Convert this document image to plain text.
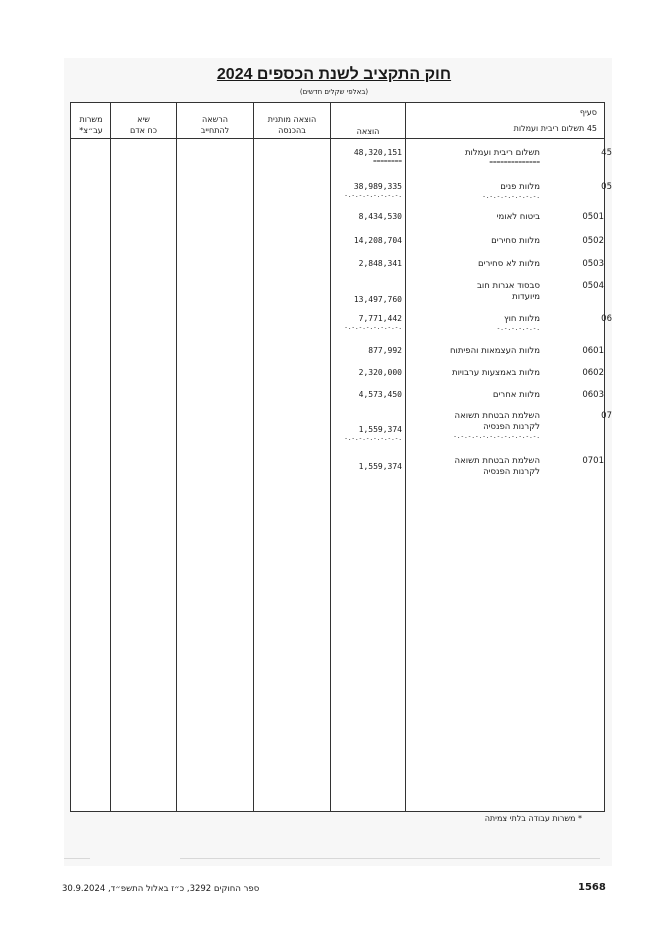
חוק התקציב לשנת הכספים 2024
(באלפי שקלים חדשים)
משרות
עב״צ*
שיא
כח אדם
הרשאה
להתחייב
הוצאה מותנית
בהכנסה	הוצאה
סעיף
45 תשלום ריבית ועמלות
45
תשלום ריבית ועמלות
==============
48,320,151
========
05
מלוות פנים
-.-.-.-.-.-.-.-.
38,989,335
-.-.-.-.-.-.-.-.
0501
ביטוח לאומי
8,434,530
0502
מלוות סחירים
14,208,704
0503
מלוות לא סחירים
2,848,341
0504
סבסוד אגרות חוב
מיועדות
13,497,760
06
מלוות חוץ
-.-.-.-.-.-.
7,771,442
-.-.-.-.-.-.-.-.
0601
מלוות העצמאות והפיתוח
877,992
0602
מלוות באמצעות ערבויות
2,320,000
0603
מלוות אחרים
4,573,450
07
השלמת הבטחת תשואה
לקרנות הפנסיה
-.-.-.-.-.-.-.-.-.-.-.-.
1,559,374
-.-.-.-.-.-.-.-.
0701
השלמת הבטחת תשואה
לקרנות הפנסיה
1,559,374
* משרות עבודה בלתי צמיתה
ספר החוקים 3292, כ״ז באלול התשפ״ד, 30.9.2024	1568
